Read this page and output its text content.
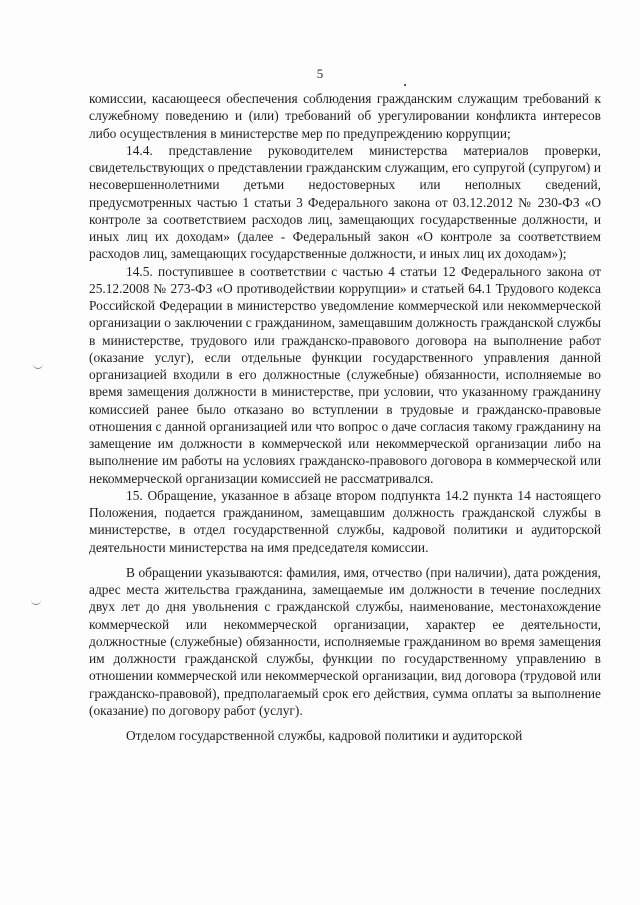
5

комиссии, касающееся обеспечения соблюдения гражданским служащим требований к служебному поведению и (или) требований об урегулировании конфликта интересов либо осуществления в министерстве мер по предупреждению коррупции;

14.4. представление руководителем министерства материалов проверки, свидетельствующих о представлении гражданским служащим, его супругой (супругом) и несовершеннолетними детьми недостоверных или неполных сведений, предусмотренных частью 1 статьи 3 Федерального закона от 03.12.2012 № 230-ФЗ «О контроле за соответствием расходов лиц, замещающих государственные должности, и иных лиц их доходам» (далее - Федеральный закон «О контроле за соответствием расходов лиц, замещающих государственные должности, и иных лиц их доходам»);

14.5. поступившее в соответствии с частью 4 статьи 12 Федерального закона от 25.12.2008 № 273-ФЗ «О противодействии коррупции» и статьей 64.1 Трудового кодекса Российской Федерации в министерство уведомление коммерческой или некоммерческой организации о заключении с гражданином, замещавшим должность гражданской службы в министерстве, трудового или гражданско-правового договора на выполнение работ (оказание услуг), если отдельные функции государственного управления данной организацией входили в его должностные (служебные) обязанности, исполняемые во время замещения должности в министерстве, при условии, что указанному гражданину комиссией ранее было отказано во вступлении в трудовые и гражданско-правовые отношения с данной организацией или что вопрос о даче согласия такому гражданину на замещение им должности в коммерческой или некоммерческой организации либо на выполнение им работы на условиях гражданско-правового договора в коммерческой или некоммерческой организации комиссией не рассматривался.

15. Обращение, указанное в абзаце втором подпункта 14.2 пункта 14 настоящего Положения, подается гражданином, замещавшим должность гражданской службы в министерстве, в отдел государственной службы, кадровой политики и аудиторской деятельности министерства на имя председателя комиссии.

В обращении указываются: фамилия, имя, отчество (при наличии), дата рождения, адрес места жительства гражданина, замещаемые им должности в течение последних двух лет до дня увольнения с гражданской службы, наименование, местонахождение коммерческой или некоммерческой организации, характер ее деятельности, должностные (служебные) обязанности, исполняемые гражданином во время замещения им должности гражданской службы, функции по государственному управлению в отношении коммерческой или некоммерческой организации, вид договора (трудовой или гражданско-правовой), предполагаемый срок его действия, сумма оплаты за выполнение (оказание) по договору работ (услуг).

Отделом государственной службы, кадровой политики и аудиторской
